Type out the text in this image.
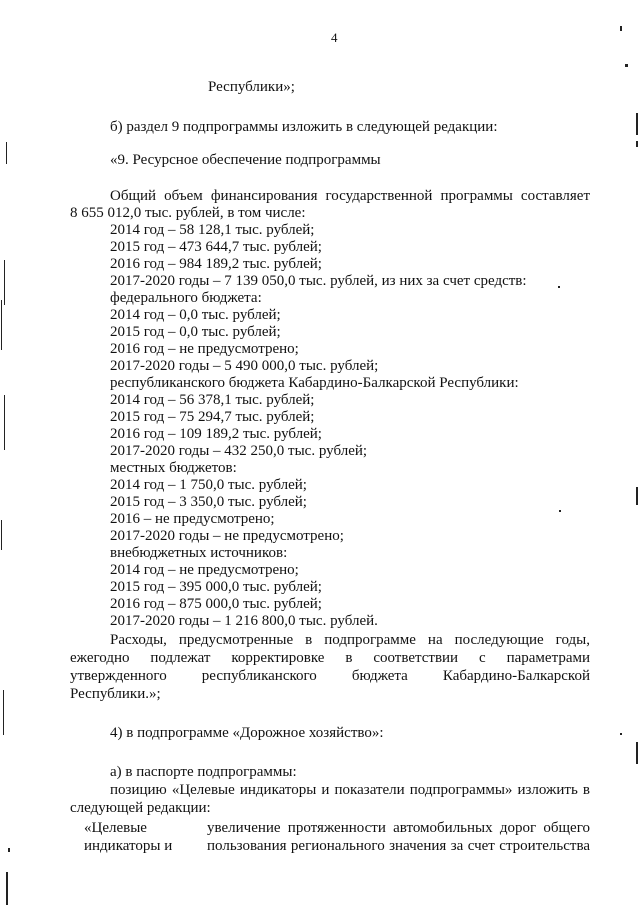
4
Республики»;
б) раздел 9 подпрограммы изложить в следующей редакции:
«9. Ресурсное обеспечение подпрограммы
Общий объем финансирования государственной программы составляет
8 655 012,0 тыс. рублей, в том числе:
2014 год – 58 128,1 тыс. рублей;
2015 год – 473 644,7 тыс. рублей;
2016 год – 984 189,2 тыс. рублей;
2017-2020 годы – 7 139 050,0 тыс. рублей, из них за счет средств:
федерального бюджета:
2014 год – 0,0 тыс. рублей;
2015 год – 0,0 тыс. рублей;
2016 год – не предусмотрено;
2017-2020 годы – 5 490 000,0 тыс. рублей;
республиканского бюджета Кабардино-Балкарской Республики:
2014 год – 56 378,1 тыс. рублей;
2015 год – 75 294,7 тыс. рублей;
2016 год – 109 189,2 тыс. рублей;
2017-2020 годы – 432 250,0 тыс. рублей;
местных бюджетов:
2014 год – 1 750,0 тыс. рублей;
2015 год – 3 350,0 тыс. рублей;
2016 – не предусмотрено;
2017-2020 годы – не предусмотрено;
внебюджетных источников:
2014 год – не предусмотрено;
2015 год – 395 000,0 тыс. рублей;
2016 год – 875 000,0 тыс. рублей;
2017-2020 годы – 1 216 800,0 тыс. рублей.
Расходы, предусмотренные в подпрограмме на последующие годы,
ежегодно подлежат корректировке в соответствии с параметрами
утвержденного республиканского бюджета Кабардино-Балкарской
Республики.»;
4) в подпрограмме «Дорожное хозяйство»:
а) в паспорте подпрограммы:
позицию «Целевые индикаторы и показатели подпрограммы» изложить в
следующей редакции:
«Целевые
индикаторы и
увеличение протяженности автомобильных дорог общего
пользования регионального значения за счет строительства
